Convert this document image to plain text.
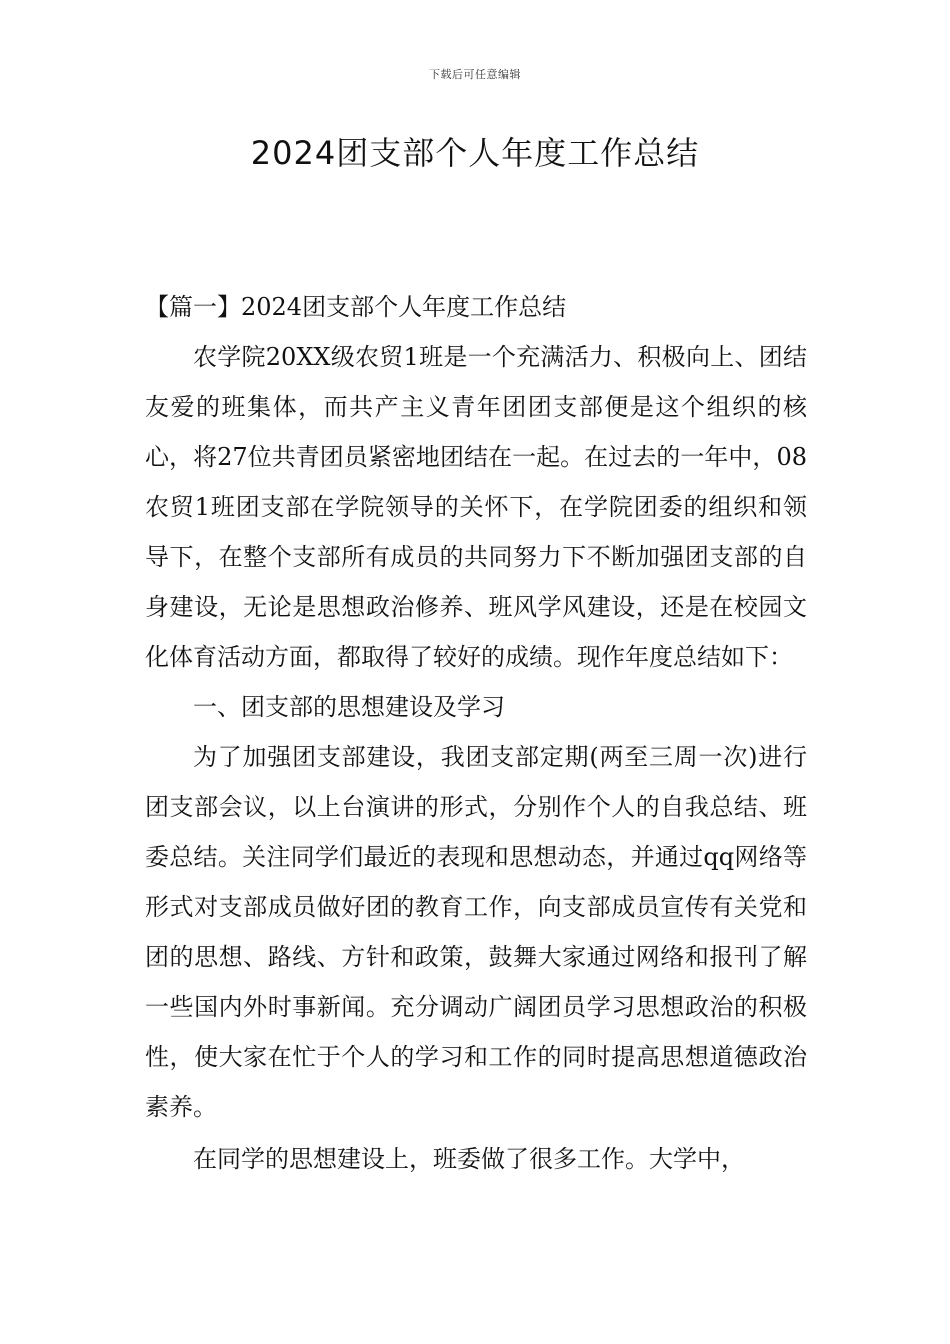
下载后可任意编辑
2024团支部个人年度工作总结

【篇一】2024团支部个人年度工作总结

农学院20XX级农贸1班是一个充满活力、积极向上、团结友爱的班集体，而共产主义青年团团支部便是这个组织的核心，将27位共青团员紧密地团结在一起。在过去的一年中，08农贸1班团支部在学院领导的关怀下，在学院团委的组织和领导下，在整个支部所有成员的共同努力下不断加强团支部的自身建设，无论是思想政治修养、班风学风建设，还是在校园文化体育活动方面，都取得了较好的成绩。现作年度总结如下：

一、团支部的思想建设及学习

为了加强团支部建设，我团支部定期(两至三周一次)进行团支部会议，以上台演讲的形式，分别作个人的自我总结、班委总结。关注同学们最近的表现和思想动态，并通过qq网络等形式对支部成员做好团的教育工作，向支部成员宣传有关党和团的思想、路线、方针和政策，鼓舞大家通过网络和报刊了解一些国内外时事新闻。充分调动广阔团员学习思想政治的积极性，使大家在忙于个人的学习和工作的同时提高思想道德政治素养。

在同学的思想建设上，班委做了很多工作。大学中，
